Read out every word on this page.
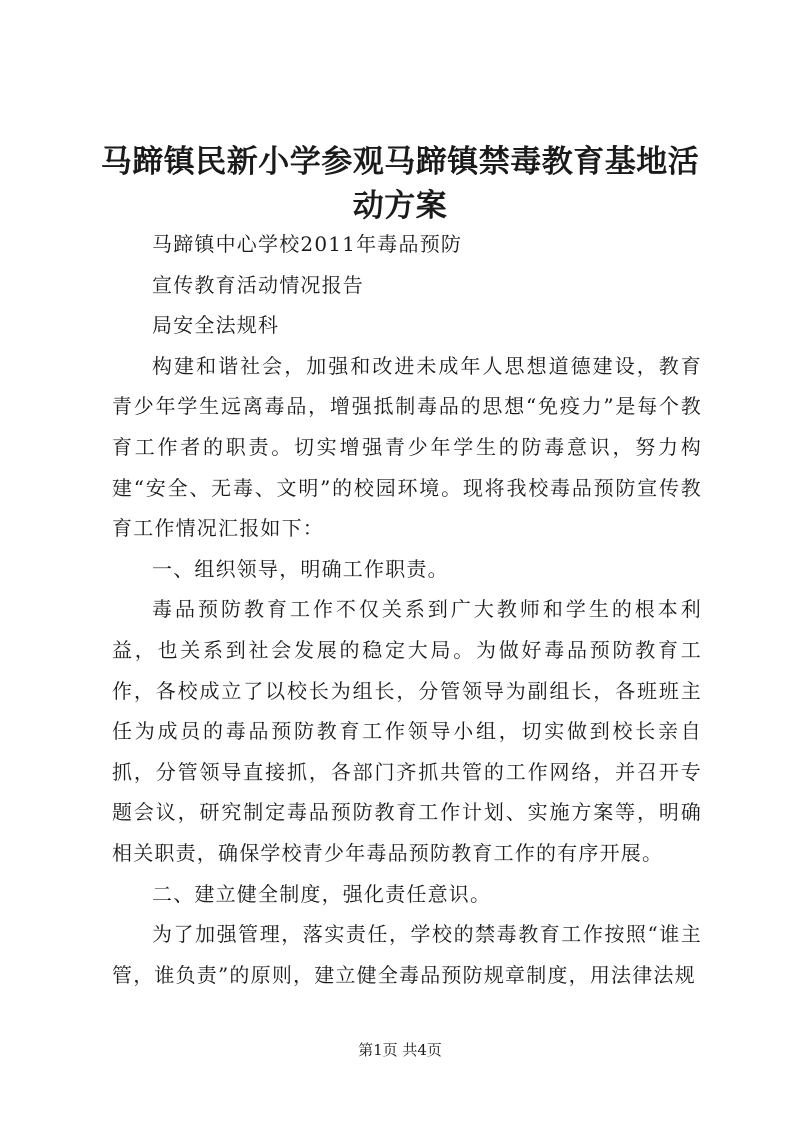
马蹄镇民新小学参观马蹄镇禁毒教育基地活动方案

马蹄镇中心学校2011年毒品预防

宣传教育活动情况报告

局安全法规科

构建和谐社会，加强和改进未成年人思想道德建设，教育青少年学生远离毒品，增强抵制毒品的思想“免疫力”是每个教育工作者的职责。切实增强青少年学生的防毒意识，努力构建“安全、无毒、文明”的校园环境。现将我校毒品预防宣传教育工作情况汇报如下：

一、组织领导，明确工作职责。

毒品预防教育工作不仅关系到广大教师和学生的根本利益，也关系到社会发展的稳定大局。为做好毒品预防教育工作，各校成立了以校长为组长，分管领导为副组长，各班班主任为成员的毒品预防教育工作领导小组，切实做到校长亲自抓，分管领导直接抓，各部门齐抓共管的工作网络，并召开专题会议，研究制定毒品预防教育工作计划、实施方案等，明确相关职责，确保学校青少年毒品预防教育工作的有序开展。

二、建立健全制度，强化责任意识。

为了加强管理，落实责任，学校的禁毒教育工作按照“谁主管，谁负责”的原则，建立健全毒品预防规章制度，用法律法规

第1页 共4页
